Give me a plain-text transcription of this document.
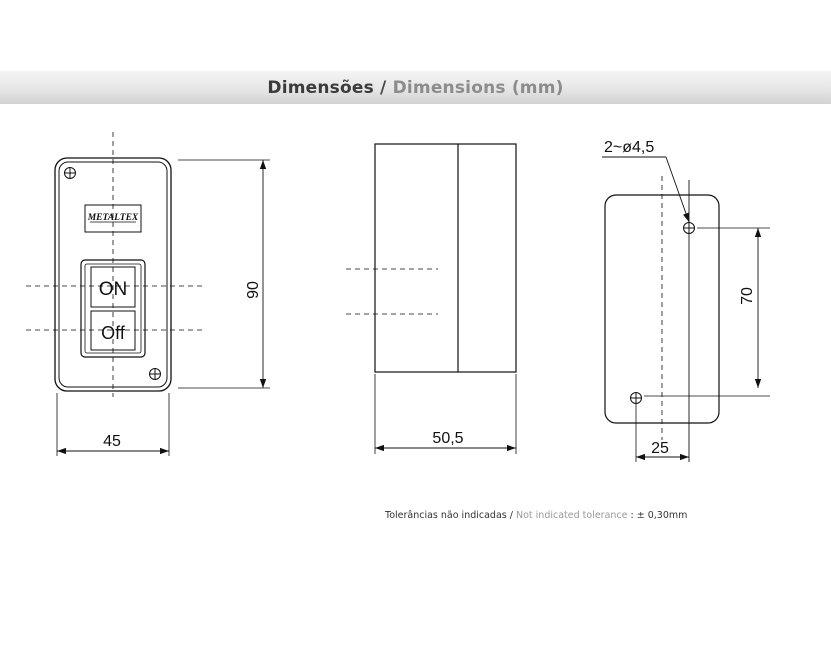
Dimensões / Dimensions (mm)
METALTEX
ON
Off
45
90
50,5
2~ø4,5
70
25
Tolerâncias não indicadas / Not indicated tolerance : ± 0,30mm
